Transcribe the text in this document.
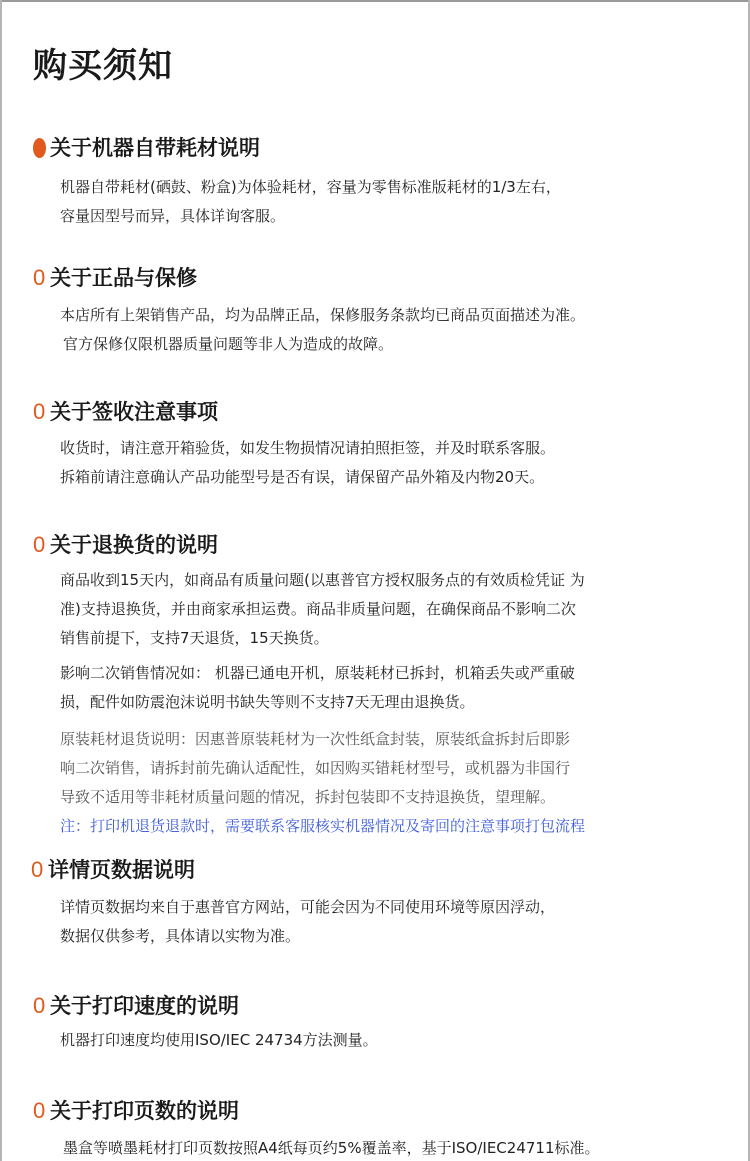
购买须知
关于机器自带耗材说明
机器自带耗材(硒鼓、粉盒)为体验耗材，容量为零售标准版耗材的1/3左右，
容量因型号而异，具体详询客服。
0 关于正品与保修
本店所有上架销售产品，均为品牌正品，保修服务条款均已商品页面描述为准。
官方保修仅限机器质量问题等非人为造成的故障。
0 关于签收注意事项
收货时，请注意开箱验货，如发生物损情况请拍照拒签，并及时联系客服。
拆箱前请注意确认产品功能型号是否有误，请保留产品外箱及内物20天。
0 关于退换货的说明
商品收到15天内，如商品有质量问题(以惠普官方授权服务点的有效质检凭证 为
准)支持退换货，并由商家承担运费。商品非质量问题，在确保商品不影响二次
销售前提下，支持7天退货，15天换货。
影响二次销售情况如： 机器已通电开机，原装耗材已拆封，机箱丢失或严重破
损，配件如防震泡沫说明书缺失等则不支持7天无理由退换货。
原装耗材退货说明：因惠普原装耗材为一次性纸盒封装，原装纸盒拆封后即影
响二次销售，请拆封前先确认适配性，如因购买错耗材型号，或机器为非国行
导致不适用等非耗材质量问题的情况，拆封包装即不支持退换货，望理解。
注：打印机退货退款时，需要联系客服核实机器情况及寄回的注意事项打包流程
0 详情页数据说明
详情页数据均来自于惠普官方网站，可能会因为不同使用环境等原因浮动，
数据仅供参考，具体请以实物为准。
0 关于打印速度的说明
机器打印速度均使用ISO/IEC 24734方法测量。
0 关于打印页数的说明
墨盒等喷墨耗材打印页数按照A4纸每页约5%覆盖率，基于ISO/IEC24711标准。
